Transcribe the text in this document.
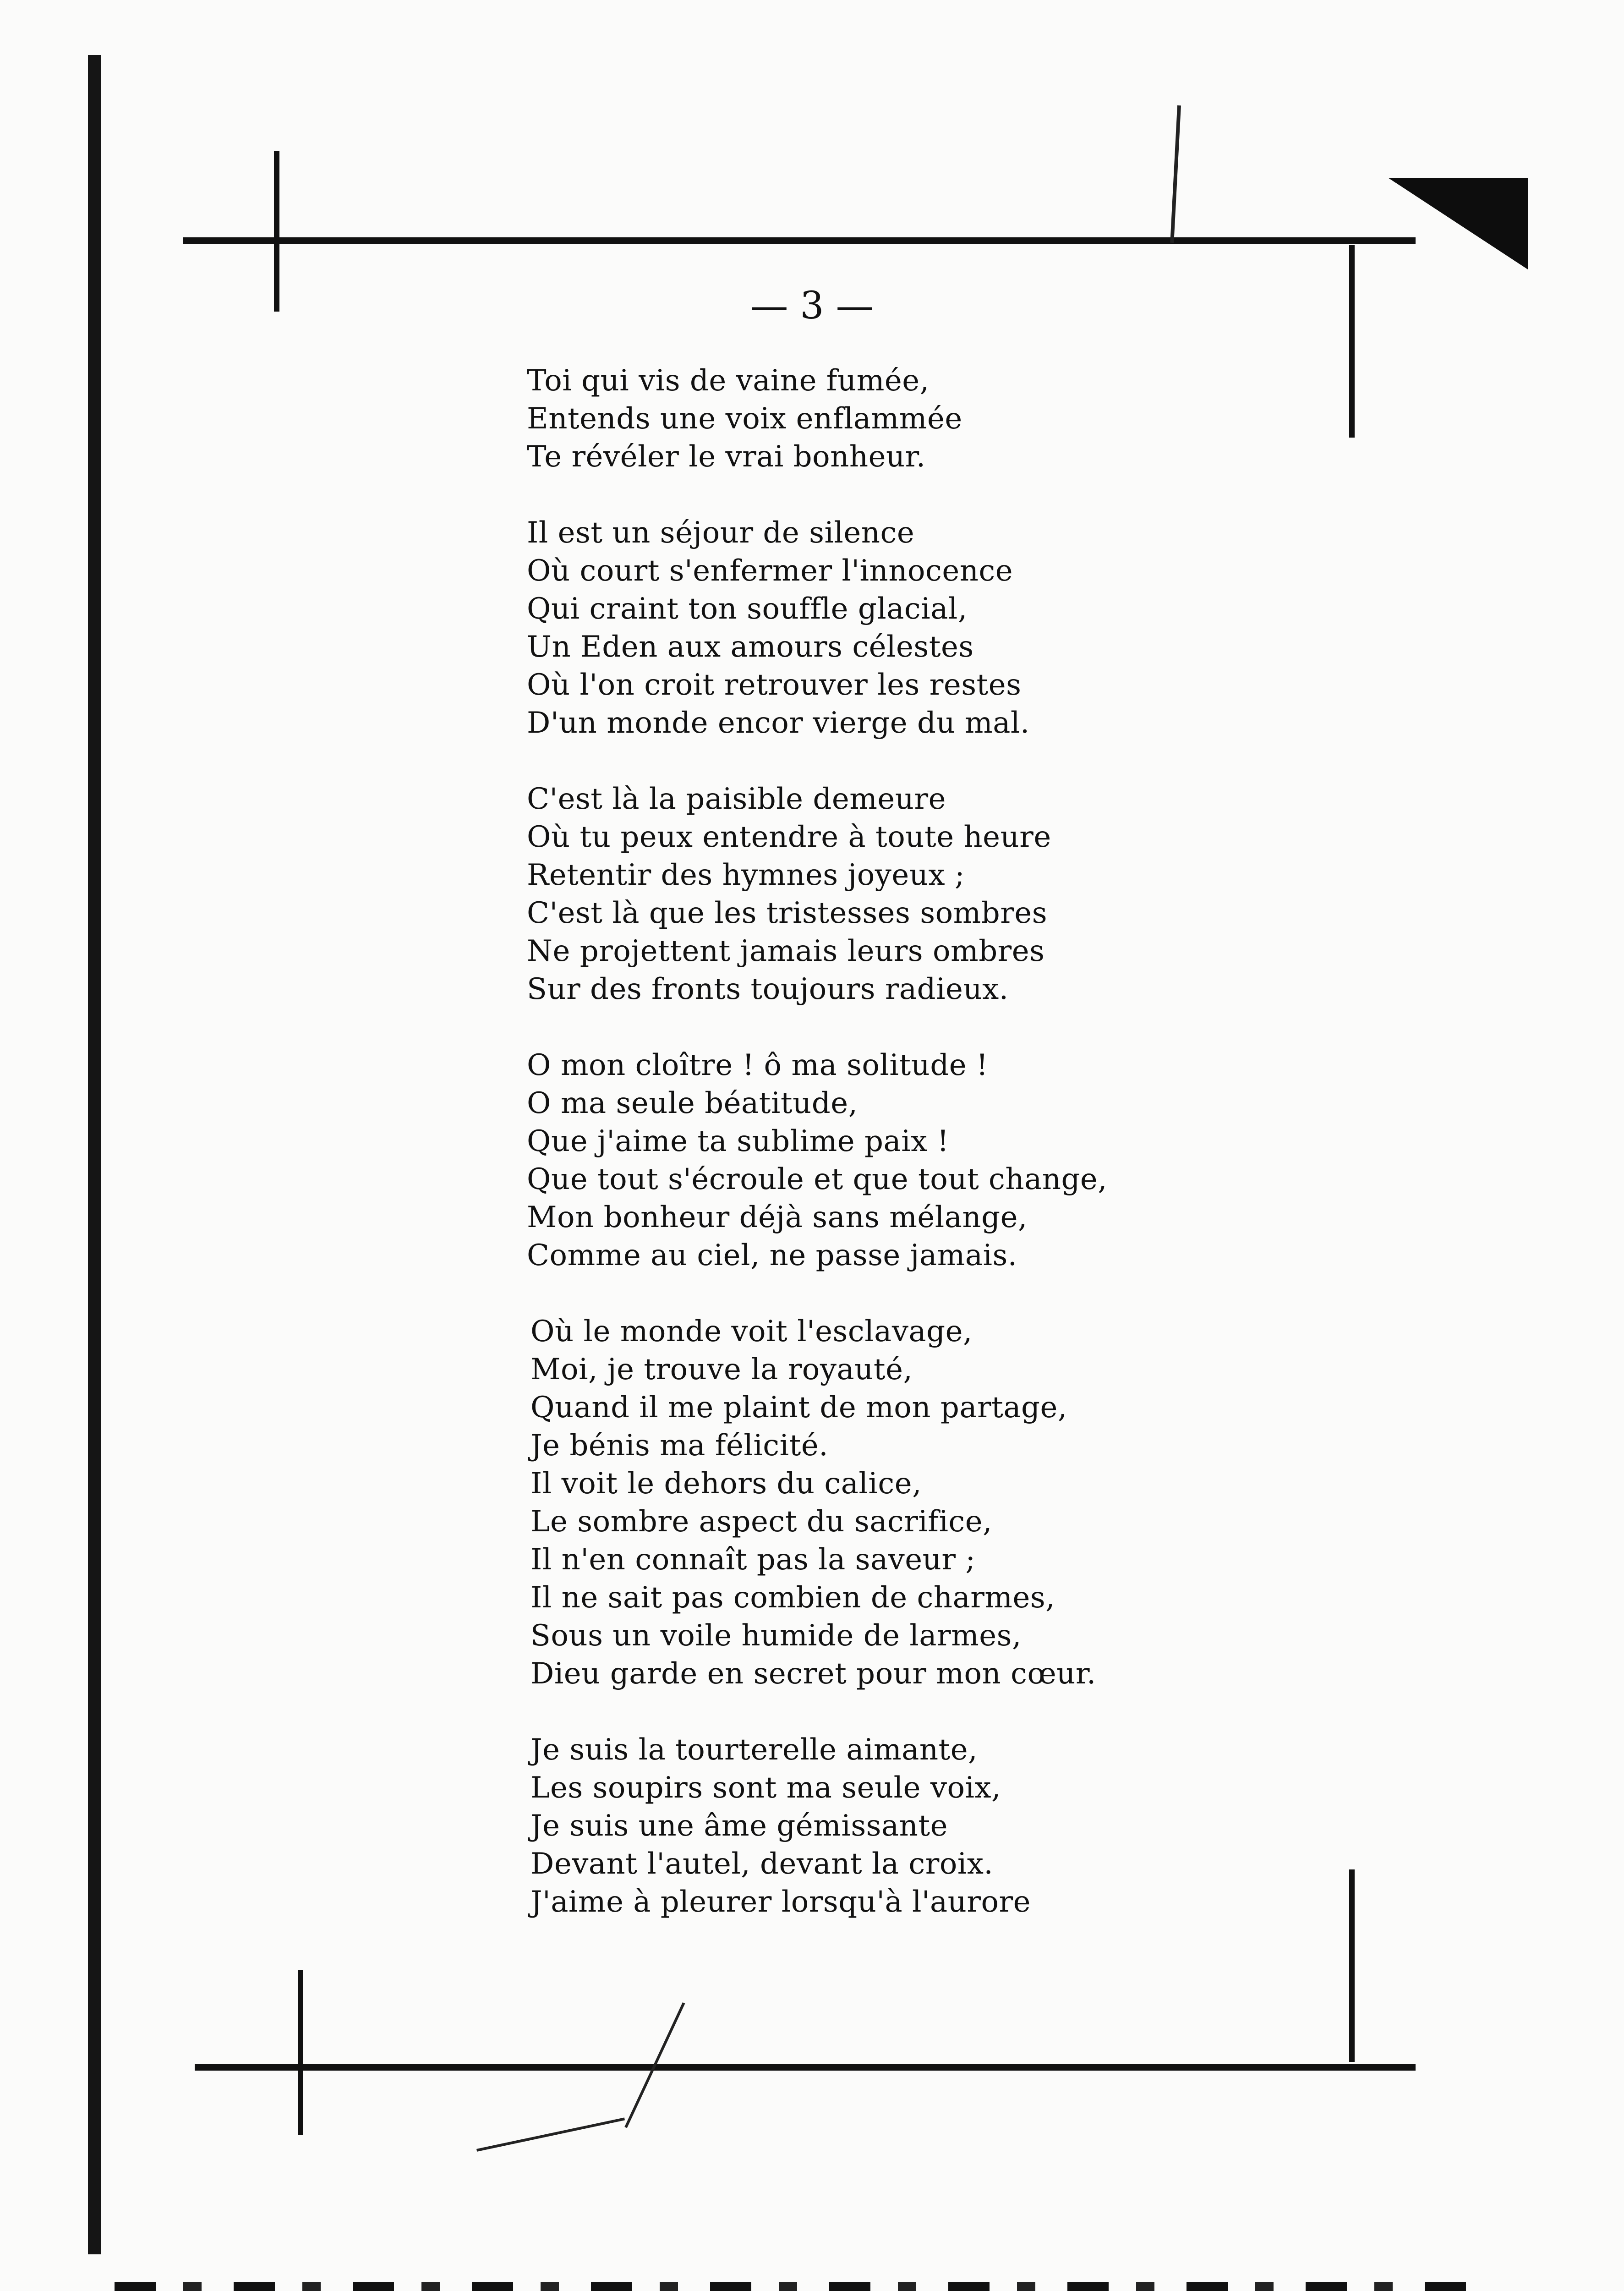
— 3 —
Toi qui vis de vaine fumée,
Entends une voix enflammée
Te révéler le vrai bonheur.
Il est un séjour de silence
Où court s'enfermer l'innocence
Qui craint ton souffle glacial,
Un Eden aux amours célestes
Où l'on croit retrouver les restes
D'un monde encor vierge du mal.
C'est là la paisible demeure
Où tu peux entendre à toute heure
Retentir des hymnes joyeux ;
C'est là que les tristesses sombres
Ne projettent jamais leurs ombres
Sur des fronts toujours radieux.
O mon cloître ! ô ma solitude !
O ma seule béatitude,
Que j'aime ta sublime paix !
Que tout s'écroule et que tout change,
Mon bonheur déjà sans mélange,
Comme au ciel, ne passe jamais.
Où le monde voit l'esclavage,
Moi, je trouve la royauté,
Quand il me plaint de mon partage,
Je bénis ma félicité.
Il voit le dehors du calice,
Le sombre aspect du sacrifice,
Il n'en connaît pas la saveur ;
Il ne sait pas combien de charmes,
Sous un voile humide de larmes,
Dieu garde en secret pour mon cœur.
Je suis la tourterelle aimante,
Les soupirs sont ma seule voix,
Je suis une âme gémissante
Devant l'autel, devant la croix.
J'aime à pleurer lorsqu'à l'aurore
